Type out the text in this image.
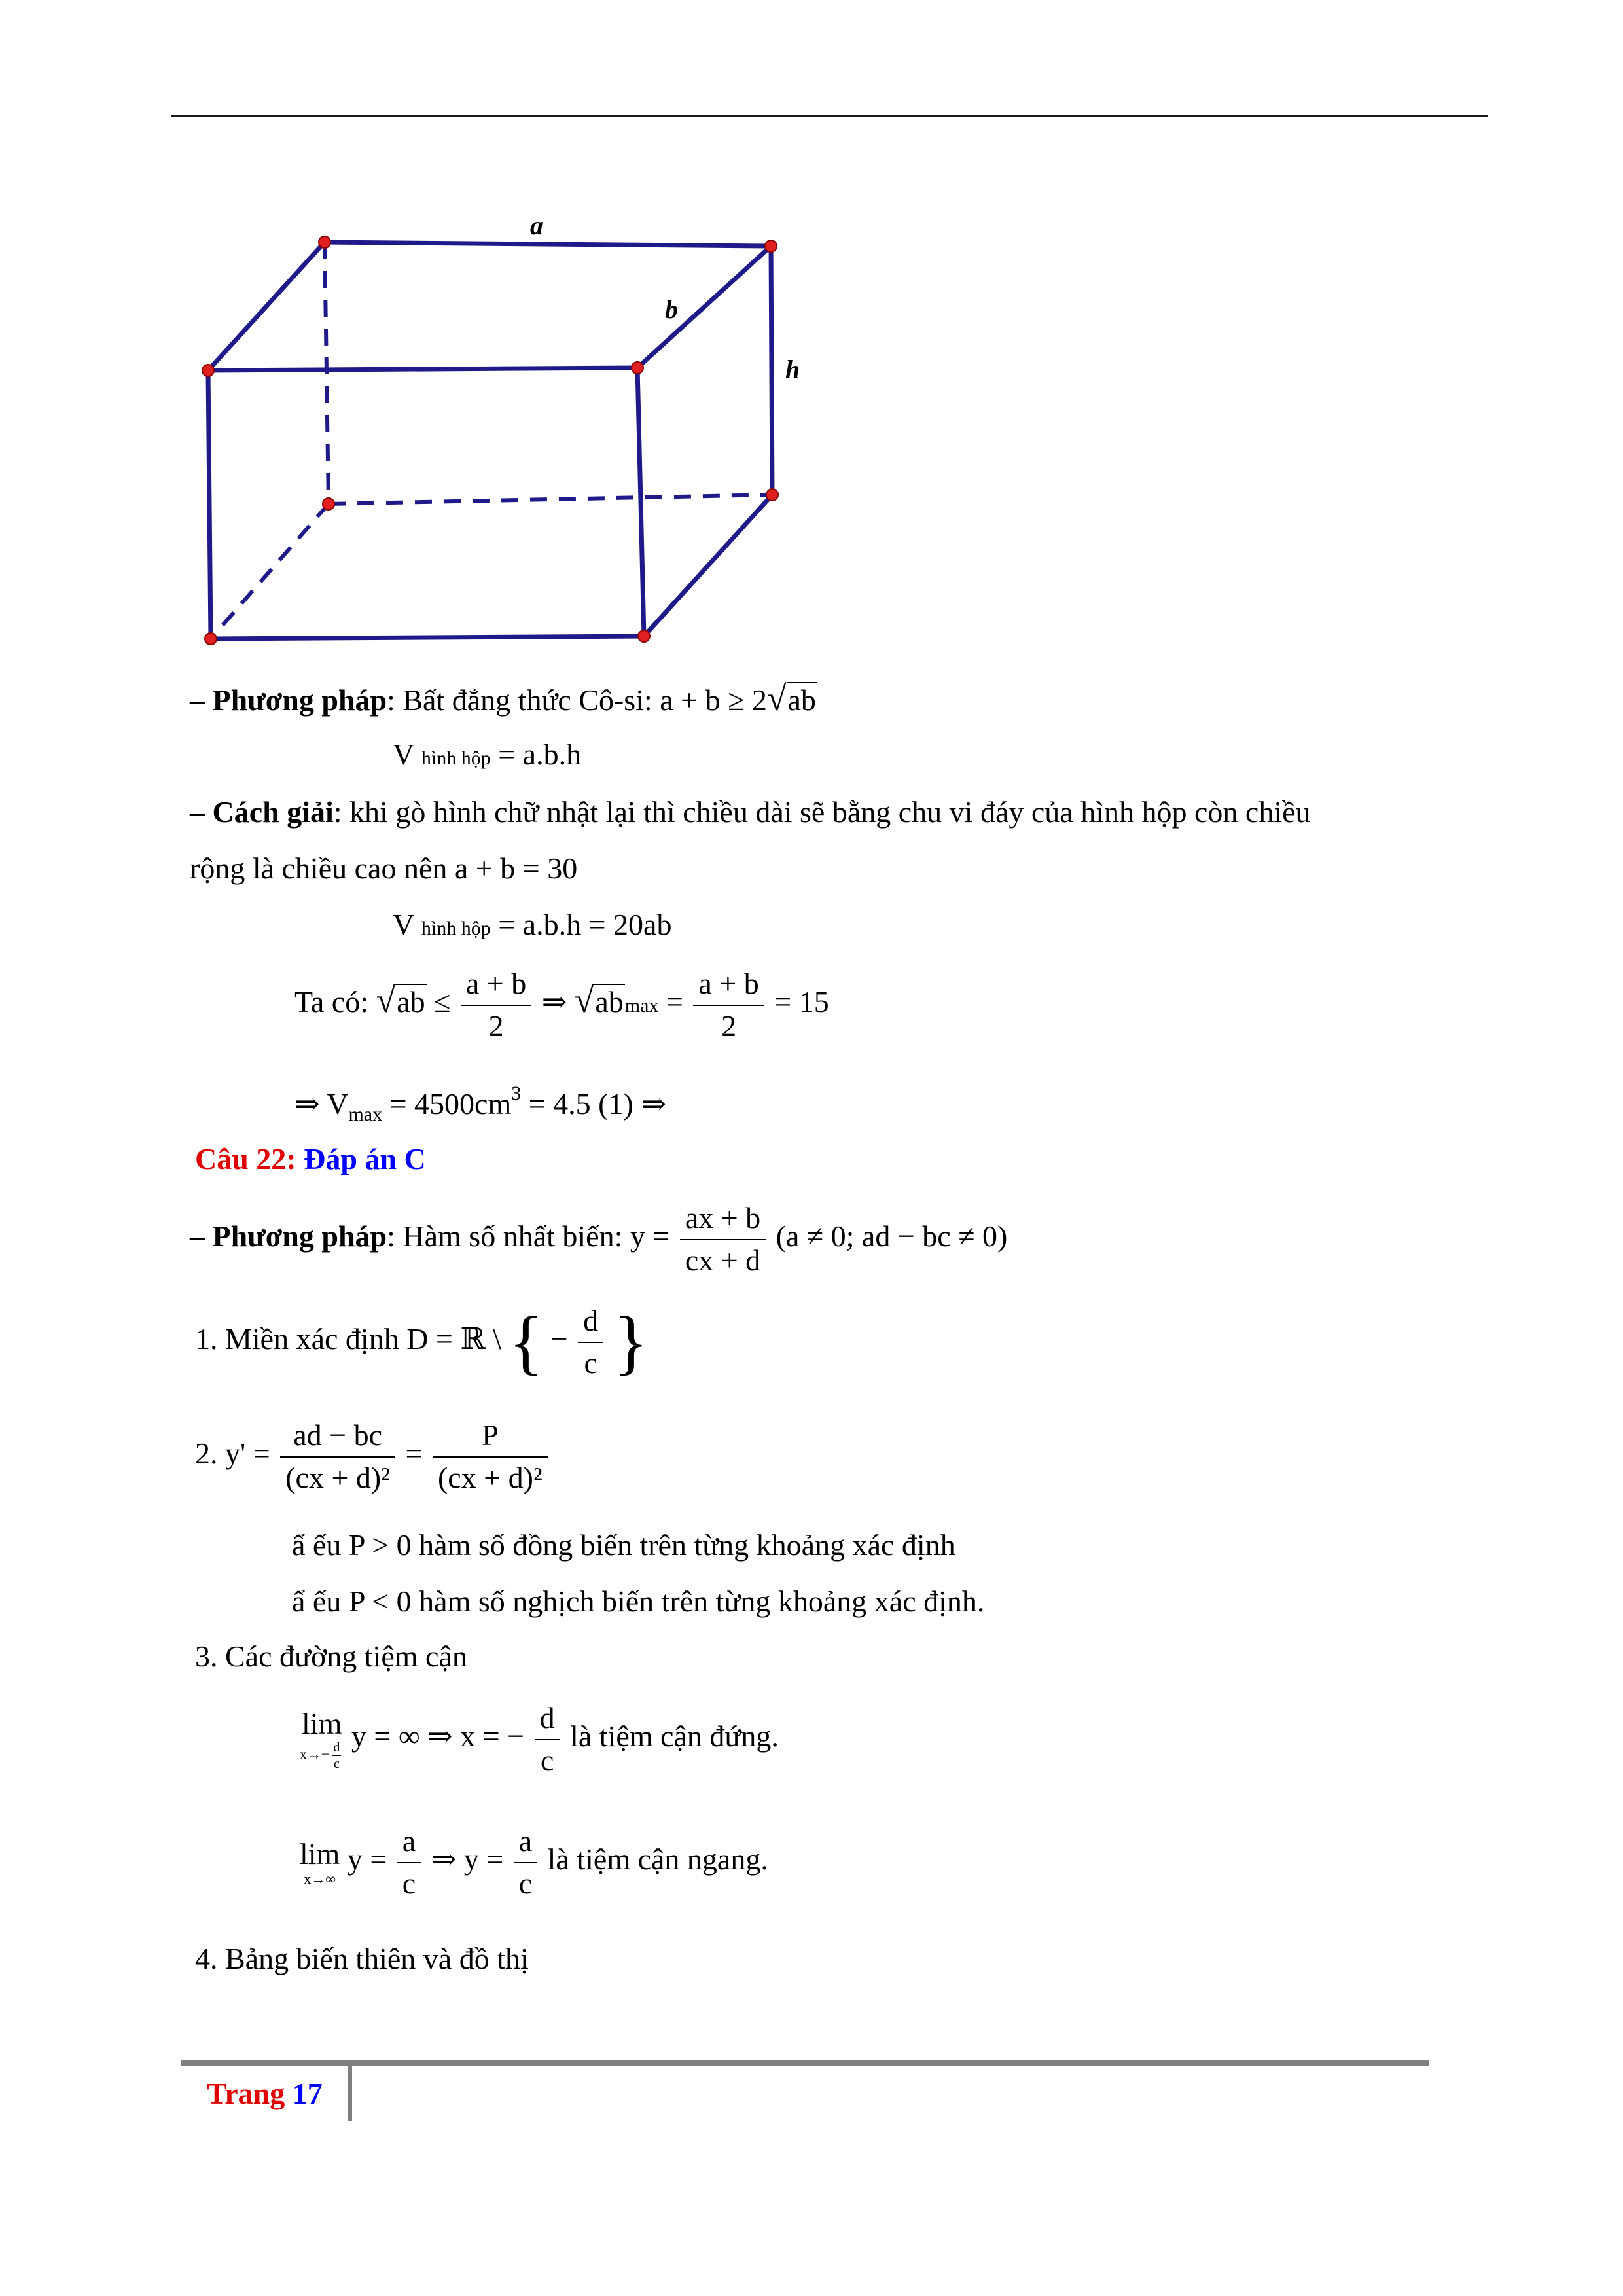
a
b
h
– Phương pháp: Bất đẳng thức Cô-si: a + b ≥ 2√ab
V hình hộp = a.b.h
– Cách giải: khi gò hình chữ nhật lại thì chiều dài sẽ bằng chu vi đáy của hình hộp còn chiều
rộng là chiều cao nên a + b = 30
V hình hộp = a.b.h = 20ab
Ta có: $√ab \le \frac{a + b}{2}$ ⇒ $√abmax = \frac{a + b}{2} = 15$
⇒ $V_{max} = 4500cm^3 = 4.5$ (1) ⇒
Câu 22: Đáp án C
– Phương pháp: Hàm số nhất biến: $y = \frac{ax + b}{cx + d} (a \ne 0$; ad − bc ≠ 0)
1. Miền xác định D = ℝ \ { − $\frac{d}{c}$ }
2. $y' = \frac{ad - bc}{\text{(cx + d)²}} = \frac{P}{\text{(cx + d)²}}$
ẩ ếu P > 0 hàm số đồng biến trên từng khoảng xác định
ẩ ếu P < 0 hàm số nghịch biến trên từng khoảng xác định.
3. Các đường tiệm cận
lim
$x\to- \frac{d}{c}$
y = ∞ ⇒ x = − $\frac{d}{c}$ là tiệm cận đứng.
lim
x→∞
$y = \frac{a}{c}$ ⇒ $y = \frac{a}{c}$ là tiệm cận ngang.
4. Bảng biến thiên và đồ thị
Trang 17
